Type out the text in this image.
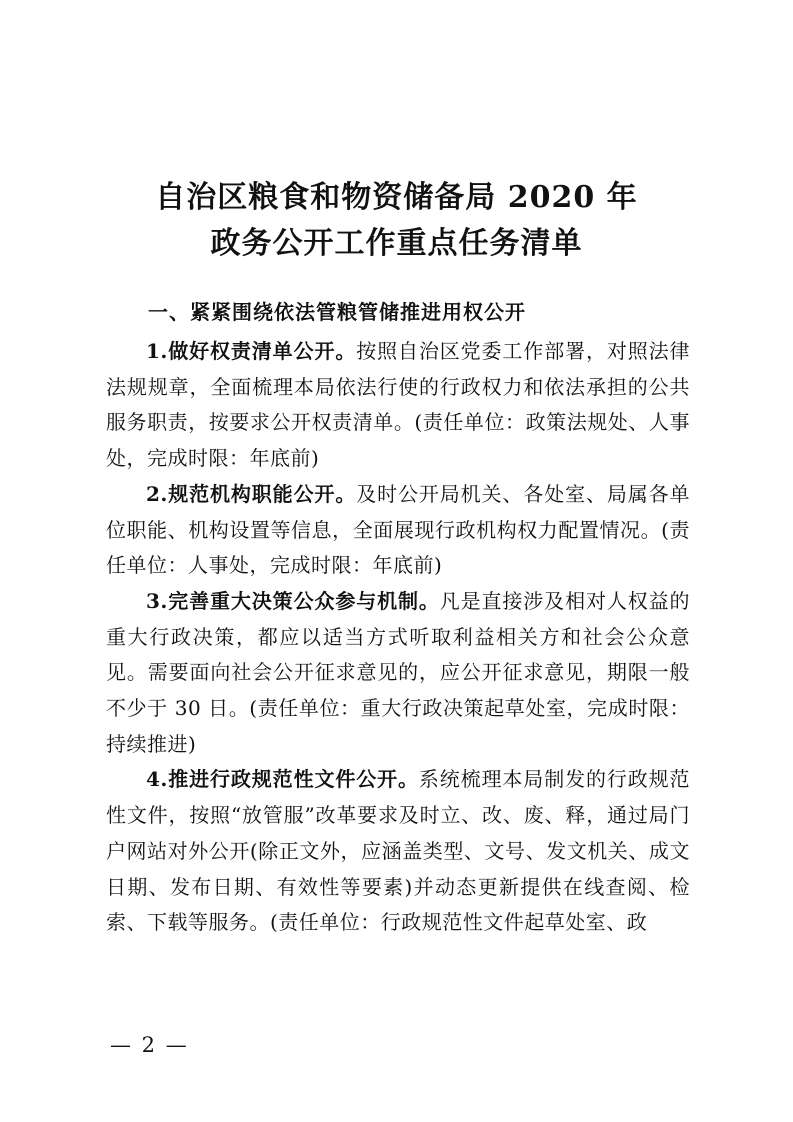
自治区粮食和物资储备局 2020 年
政务公开工作重点任务清单
一、紧紧围绕依法管粮管储推进用权公开

1.做好权责清单公开。按照自治区党委工作部署，对照法律法规规章，全面梳理本局依法行使的行政权力和依法承担的公共服务职责，按要求公开权责清单。(责任单位：政策法规处、人事处，完成时限：年底前)

2.规范机构职能公开。及时公开局机关、各处室、局属各单位职能、机构设置等信息，全面展现行政机构权力配置情况。(责任单位：人事处，完成时限：年底前)

3.完善重大决策公众参与机制。凡是直接涉及相对人权益的重大行政决策，都应以适当方式听取利益相关方和社会公众意见。需要面向社会公开征求意见的，应公开征求意见，期限一般不少于 30 日。(责任单位：重大行政决策起草处室，完成时限：持续推进)

4.推进行政规范性文件公开。系统梳理本局制发的行政规范性文件，按照“放管服”改革要求及时立、改、废、释，通过局门户网站对外公开(除正文外，应涵盖类型、文号、发文机关、成文日期、发布日期、有效性等要素)并动态更新提供在线查阅、检索、下载等服务。(责任单位：行政规范性文件起草处室、政

— 2 —
